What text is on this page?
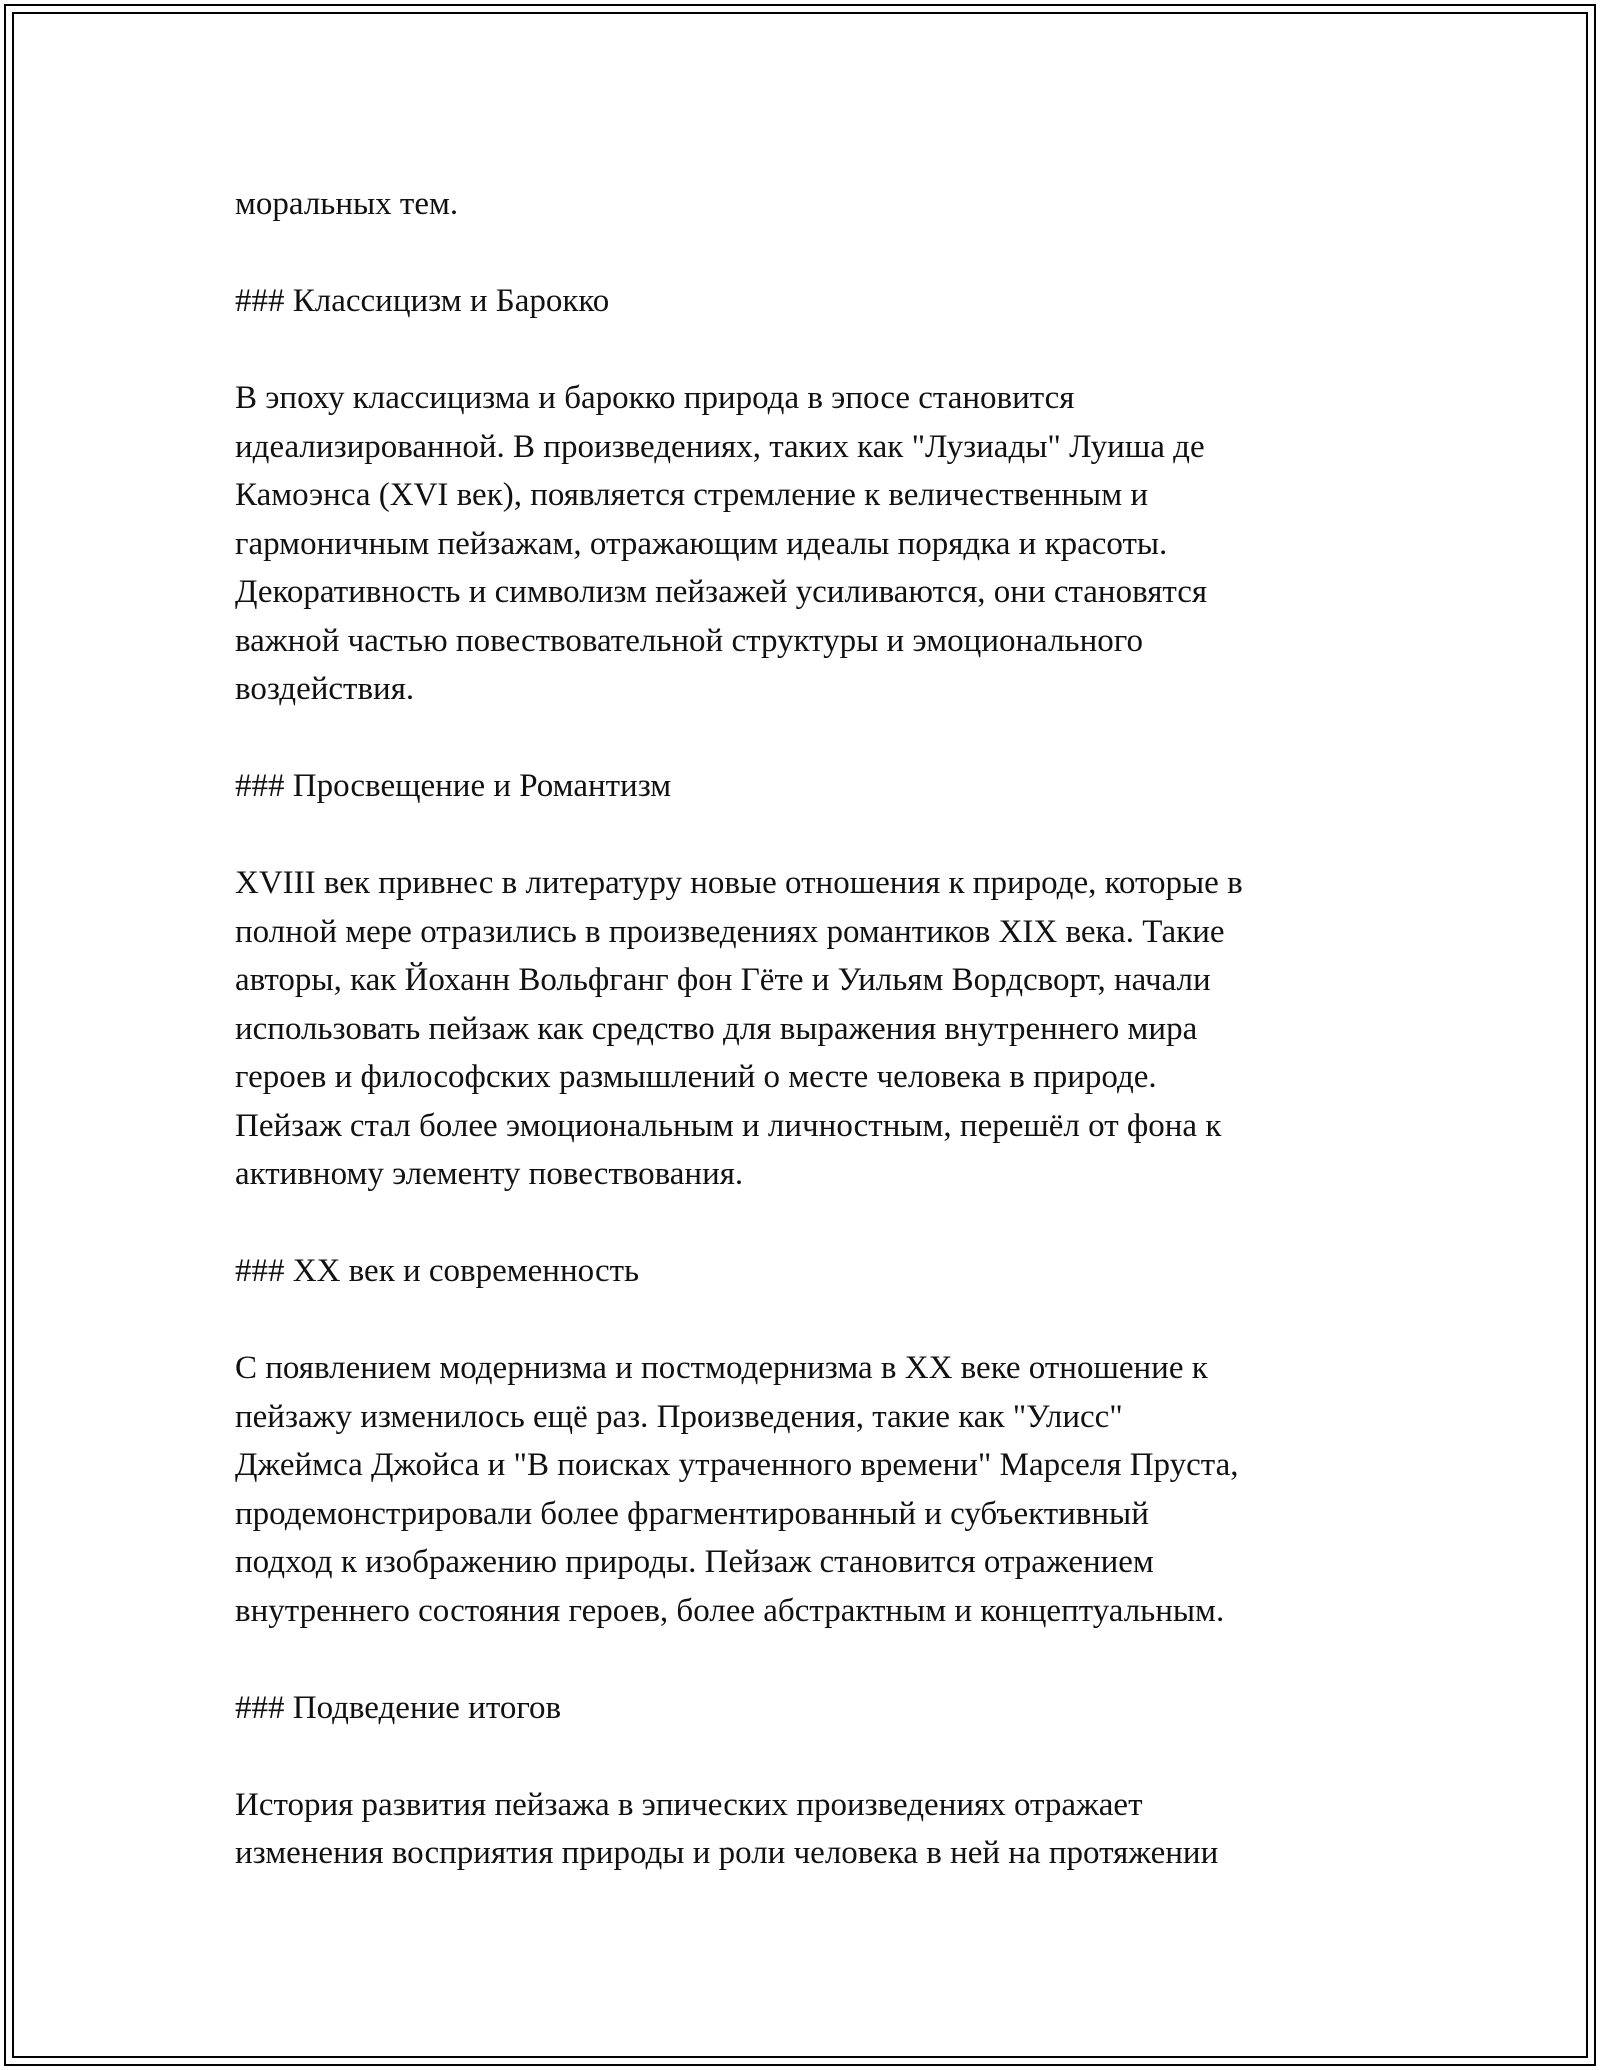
моральных тем.
### Классицизм и Барокко
В эпоху классицизма и барокко природа в эпосе становится
идеализированной. В произведениях, таких как "Лузиады" Луиша де
Камоэнса (XVI век), появляется стремление к величественным и
гармоничным пейзажам, отражающим идеалы порядка и красоты.
Декоративность и символизм пейзажей усиливаются, они становятся
важной частью повествовательной структуры и эмоционального
воздействия.
### Просвещение и Романтизм
XVIII век привнес в литературу новые отношения к природе, которые в
полной мере отразились в произведениях романтиков XIX века. Такие
авторы, как Йоханн Вольфганг фон Гёте и Уильям Вордсворт, начали
использовать пейзаж как средство для выражения внутреннего мира
героев и философских размышлений о месте человека в природе.
Пейзаж стал более эмоциональным и личностным, перешёл от фона к
активному элементу повествования.
### XX век и современность
С появлением модернизма и постмодернизма в XX веке отношение к
пейзажу изменилось ещё раз. Произведения, такие как "Улисс"
Джеймса Джойса и "В поисках утраченного времени" Марселя Пруста,
продемонстрировали более фрагментированный и субъективный
подход к изображению природы. Пейзаж становится отражением
внутреннего состояния героев, более абстрактным и концептуальным.
### Подведение итогов
История развития пейзажа в эпических произведениях отражает
изменения восприятия природы и роли человека в ней на протяжении
